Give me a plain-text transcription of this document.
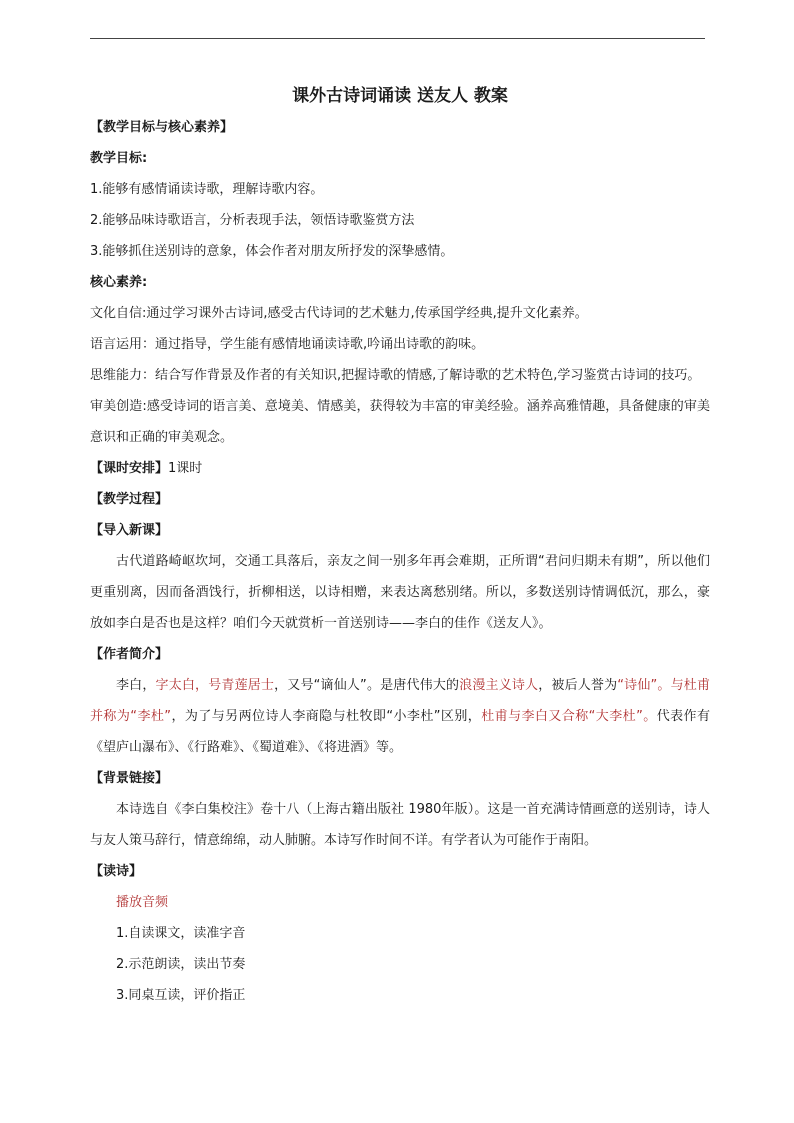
课外古诗词诵读 送友人 教案

【教学目标与核心素养】

教学目标:

1.能够有感情诵读诗歌，理解诗歌内容。

2.能够品味诗歌语言，分析表现手法，领悟诗歌鉴赏方法

3.能够抓住送别诗的意象，体会作者对朋友所抒发的深挚感情。

核心素养:

文化自信:通过学习课外古诗词,感受古代诗词的艺术魅力,传承国学经典,提升文化素养。

语言运用：通过指导，学生能有感情地诵读诗歌,吟诵出诗歌的韵味。

思维能力：结合写作背景及作者的有关知识,把握诗歌的情感,了解诗歌的艺术特色,学习鉴赏古诗词的技巧。

审美创造:感受诗词的语言美、意境美、情感美，获得较为丰富的审美经验。涵养高雅情趣，具备健康的审美意识和正确的审美观念。

【课时安排】1课时

【教学过程】

【导入新课】

古代道路崎岖坎坷，交通工具落后，亲友之间一别多年再会难期，正所谓“君问归期未有期”，所以他们更重别离，因而备酒饯行，折柳相送，以诗相赠，来表达离愁别绪。所以，多数送别诗情调低沉，那么，豪放如李白是否也是这样？咱们今天就赏析一首送别诗——李白的佳作《送友人》。

【作者简介】

李白，字太白，号青莲居士，又号“谪仙人”。是唐代伟大的浪漫主义诗人，被后人誉为“诗仙”。与杜甫并称为“李杜”，为了与另两位诗人李商隐与杜牧即“小李杜”区别，杜甫与李白又合称“大李杜”。代表作有《望庐山瀑布》、《行路难》、《蜀道难》、《将进酒》等。

【背景链接】

本诗选自《李白集校注》卷十八（上海古籍出版社 1980年版）。这是一首充满诗情画意的送别诗，诗人与友人策马辞行，情意绵绵，动人肺腑。本诗写作时间不详。有学者认为可能作于南阳。

【读诗】

播放音频

1.自读课文，读准字音

2.示范朗读，读出节奏

3.同桌互读，评价指正
